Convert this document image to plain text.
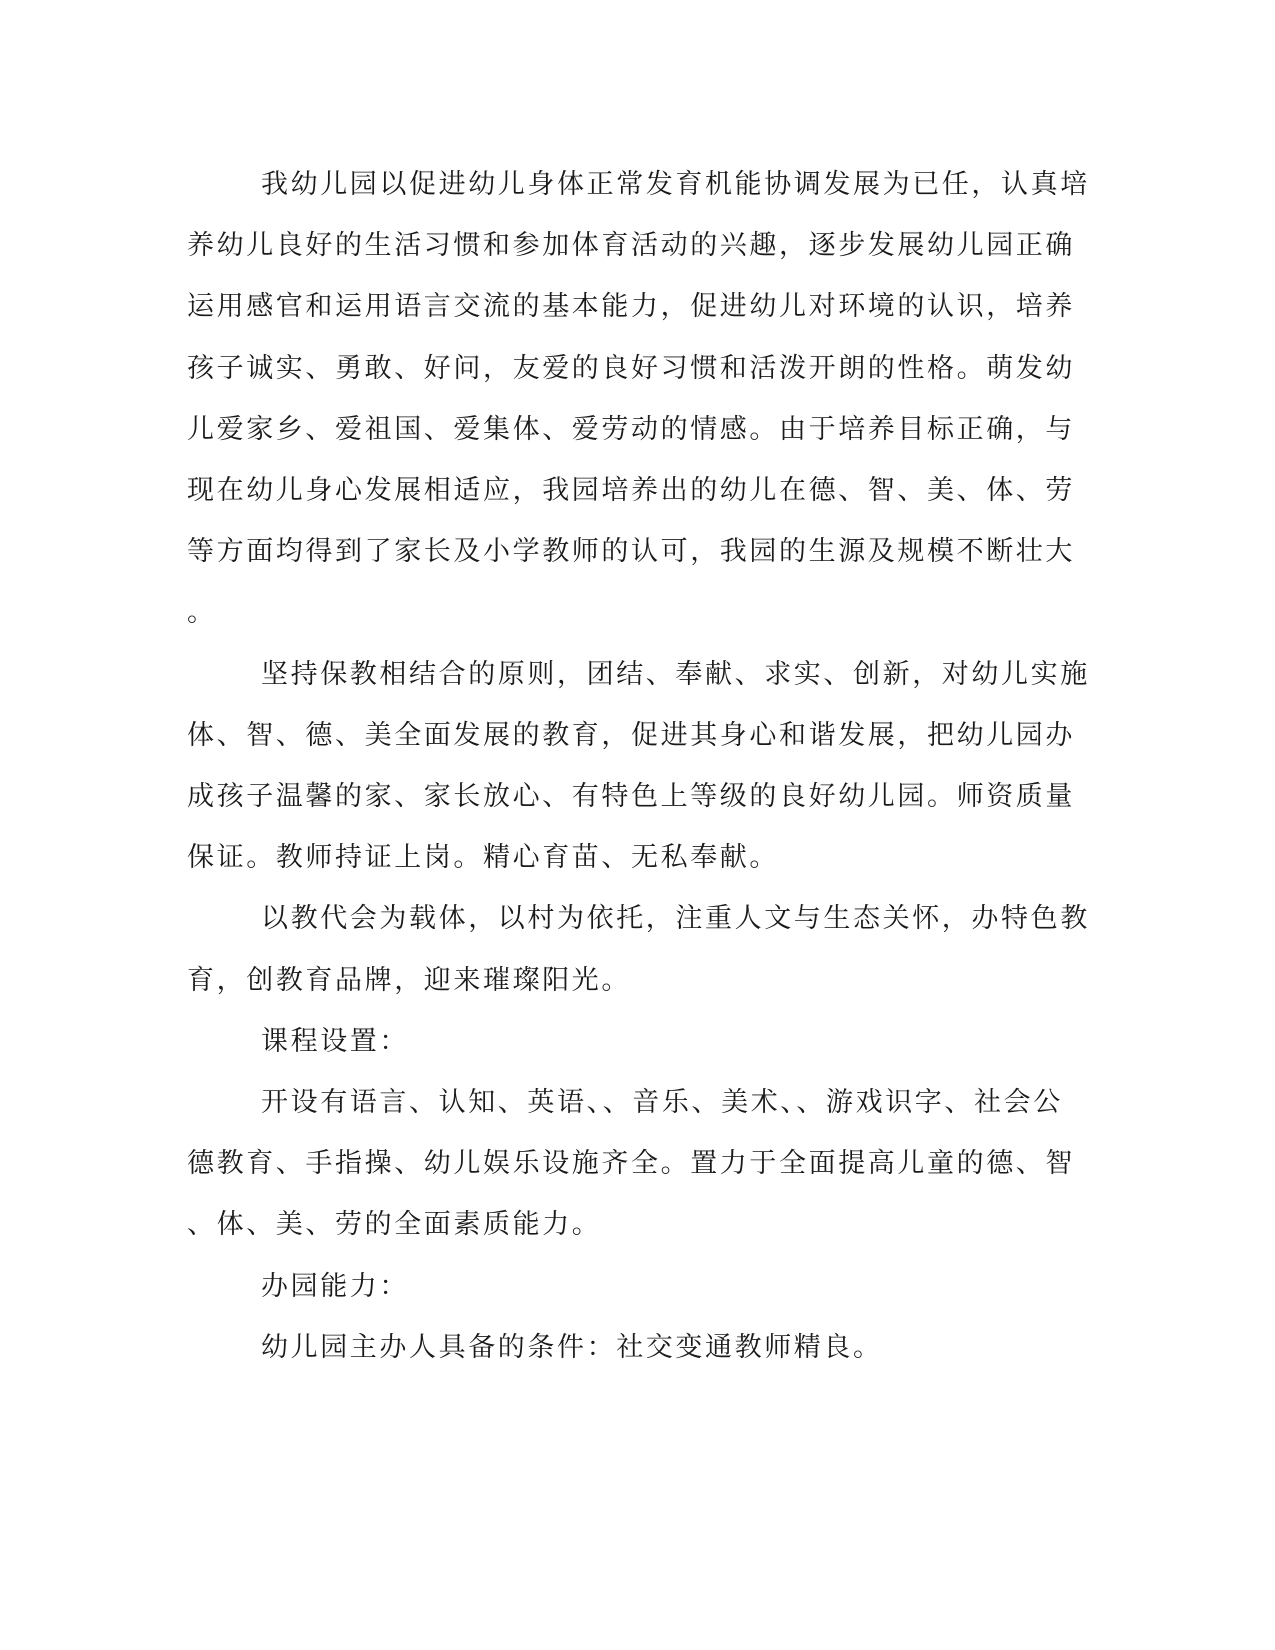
我幼儿园以促进幼儿身体正常发育机能协调发展为已任，认真培
养幼儿良好的生活习惯和参加体育活动的兴趣，逐步发展幼儿园正确
运用感官和运用语言交流的基本能力，促进幼儿对环境的认识，培养
孩子诚实、勇敢、好问，友爱的良好习惯和活泼开朗的性格。萌发幼
儿爱家乡、爱祖国、爱集体、爱劳动的情感。由于培养目标正确，与
现在幼儿身心发展相适应，我园培养出的幼儿在德、智、美、体、劳
等方面均得到了家长及小学教师的认可，我园的生源及规模不断壮大
。

坚持保教相结合的原则，团结、奉献、求实、创新，对幼儿实施
体、智、德、美全面发展的教育，促进其身心和谐发展，把幼儿园办
成孩子温馨的家、家长放心、有特色上等级的良好幼儿园。师资质量
保证。教师持证上岗。精心育苗、无私奉献。

以教代会为载体，以村为依托，注重人文与生态关怀，办特色教
育，创教育品牌，迎来璀璨阳光。

课程设置：

开设有语言、认知、英语、、音乐、美术、、游戏识字、社会公
德教育、手指操、幼儿娱乐设施齐全。置力于全面提高儿童的德、智
、体、美、劳的全面素质能力。

办园能力：

幼儿园主办人具备的条件：社交变通教师精良。
